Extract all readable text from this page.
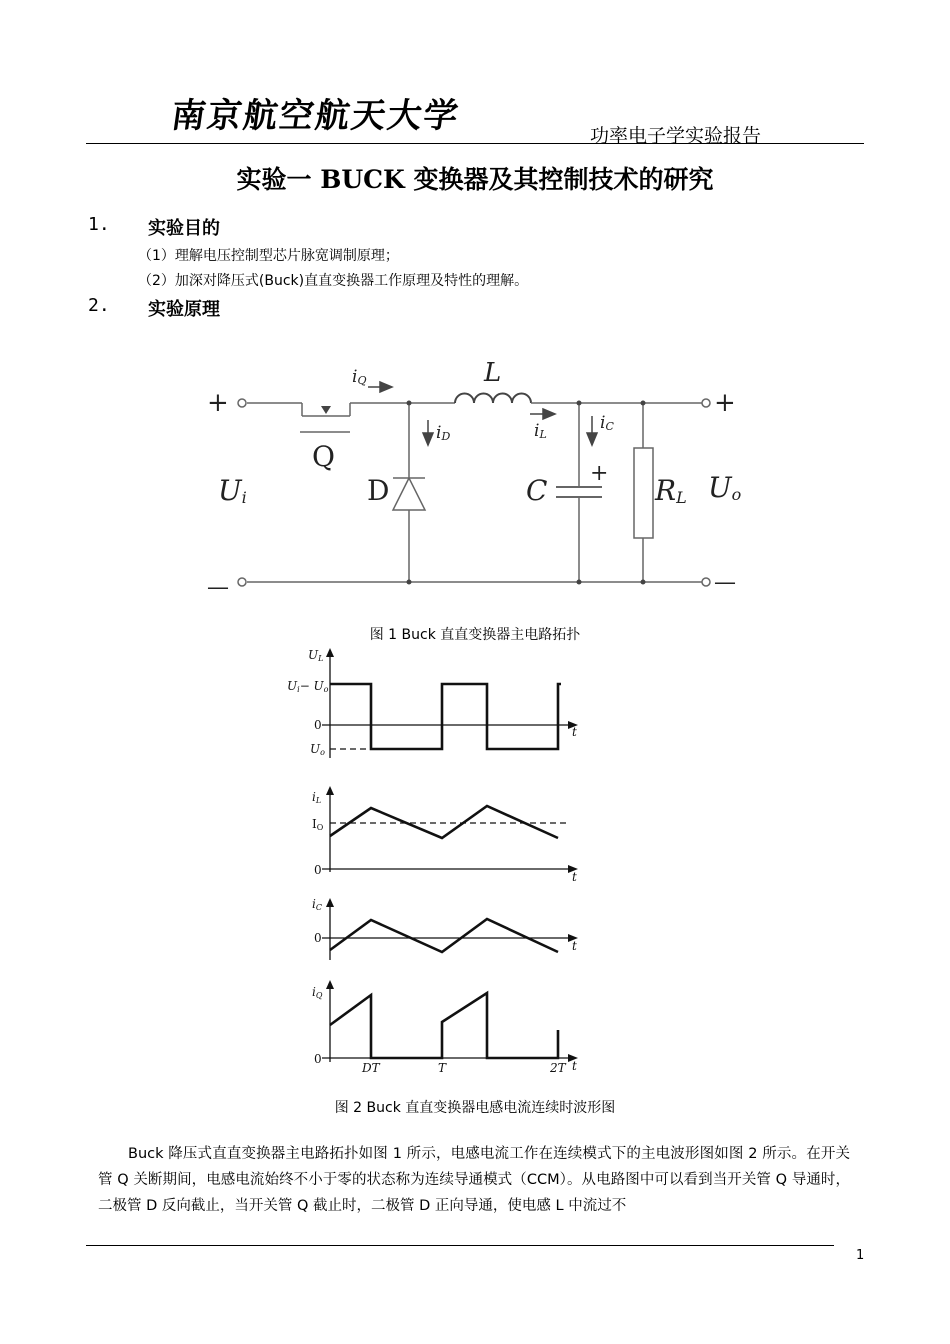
南京航空航天大学	功率电子学实验报告
实验一 BUCK 变换器及其控制技术的研究
1. 实验目的
（1）理解电压控制型芯片脉宽调制原理；
（2）加深对降压式(Buck)直直变换器工作原理及特性的理解。
2. 实验原理
+
—
+
—
iQ	L
iD	iL
iC
Q
Ui	D	C
+
RL Uo
图 1 Buck 直直变换器主电路拓扑
UL
Ui− Uo
0
Uo
t
iL
IO
0	t
iC
0
t
iQ
0
DT	T	2T t
图 2 Buck 直直变换器电感电流连续时波形图
Buck 降压式直直变换器主电路拓扑如图 1 所示，电感电流工作在连续模式下的主电波形图如图 2 所示。在开关管 Q 关断期间，电感电流始终不小于零的状态称为连续导通模式（CCM）。从电路图中可以看到当开关管 Q 导通时，二极管 D 反向截止，当开关管 Q 截止时，二极管 D 正向导通，使电感 L 中流过不
1
